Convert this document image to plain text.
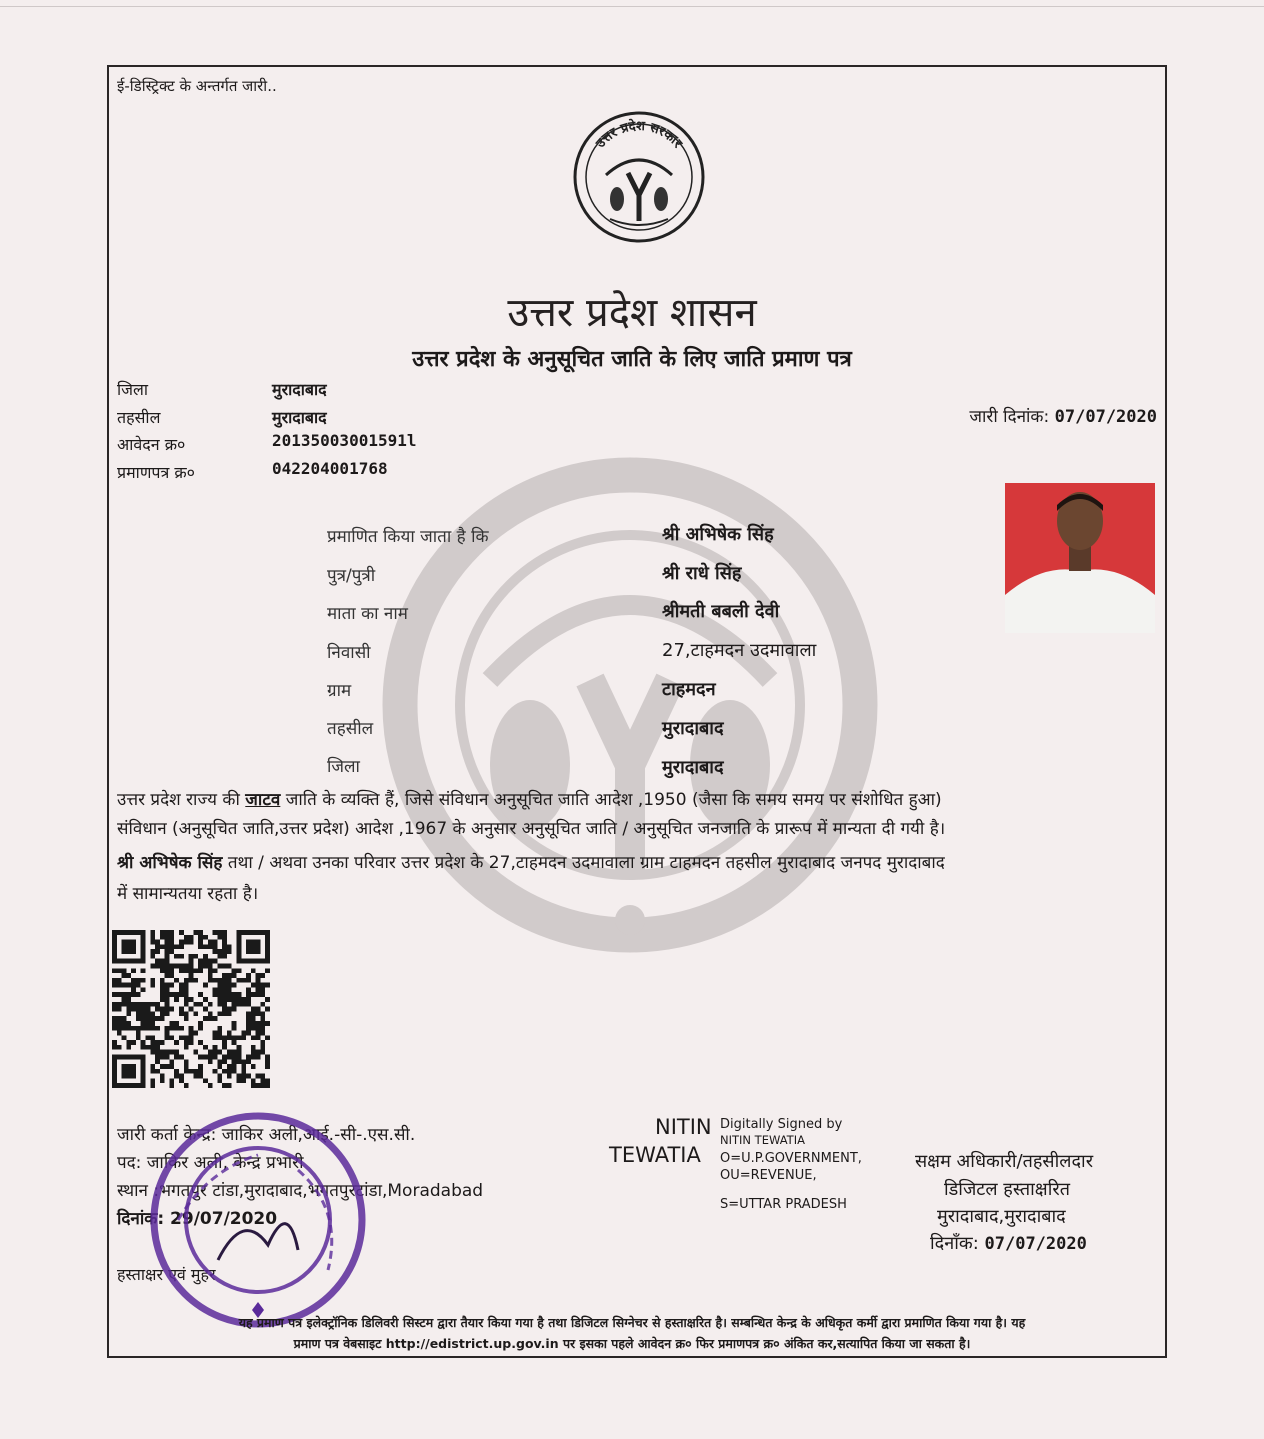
ई-डिस्ट्रिक्ट के अन्तर्गत जारी..
उत्तर प्रदेश सरकार
उत्तर प्रदेश शासन
उत्तर प्रदेश के अनुसूचित जाति के लिए जाति प्रमाण पत्र
जिला	मुरादाबाद
तहसील	मुरादाबाद
आवेदन क्र०	20135003001591l
प्रमाणपत्र क्र०	042204001768
जारी दिनांक: 07/07/2020
प्रमाणित किया जाता है कि	श्री अभिषेक सिंह
पुत्र/पुत्री	श्री राधे सिंह
माता का नाम	श्रीमती बबली देवी
निवासी	27,टाहमदन उदमावाला
ग्राम	टाहमदन
तहसील	मुरादाबाद
जिला	मुरादाबाद
उत्तर प्रदेश राज्य की जाटव जाति के व्यक्ति हैं, जिसे संविधान अनुसूचित जाति आदेश ,1950 (जैसा कि समय समय पर संशोधित हुआ)
संविधान (अनुसूचित जाति,उत्तर प्रदेश) आदेश ,1967 के अनुसार अनुसूचित जाति / अनुसूचित जनजाति के प्रारूप में मान्यता दी गयी है।
श्री अभिषेक सिंह तथा / अथवा उनका परिवार उत्तर प्रदेश के 27,टाहमदन उदमावाला ग्राम टाहमदन तहसील मुरादाबाद जनपद मुरादाबाद
में सामान्यतया रहता है।
जारी कर्ता केन्द्र: जाकिर अली,आई.-सी-.एस.सी.
पद: जाकिर अली, केन्द्र प्रभारी
स्थान :भगतपुर टांडा,मुरादाबाद,भगतपुरटांडा,Moradabad
दिनांक: 29/07/2020
हस्ताक्षर एवं मुहर
NITIN
TEWATIA
Digitally Signed by
NITIN TEWATIA
O=U.P.GOVERNMENT,
OU=REVENUE,
S=UTTAR PRADESH
सक्षम अधिकारी/तहसीलदार
डिजिटल हस्ताक्षरित
मुरादाबाद,मुरादाबाद
दिनाँक: 07/07/2020
यह प्रमाण पत्र इलेक्ट्रॉनिक डिलिवरी सिस्टम द्वारा तैयार किया गया है तथा डिजिटल सिग्नेचर से हस्ताक्षरित है। सम्बन्धित केन्द्र के अधिकृत कर्मी द्वारा प्रमाणित किया गया है। यह
प्रमाण पत्र वेबसाइट http://edistrict.up.gov.in पर इसका पहले आवेदन क्र० फिर प्रमाणपत्र क्र० अंकित कर,सत्यापित किया जा सकता है।
